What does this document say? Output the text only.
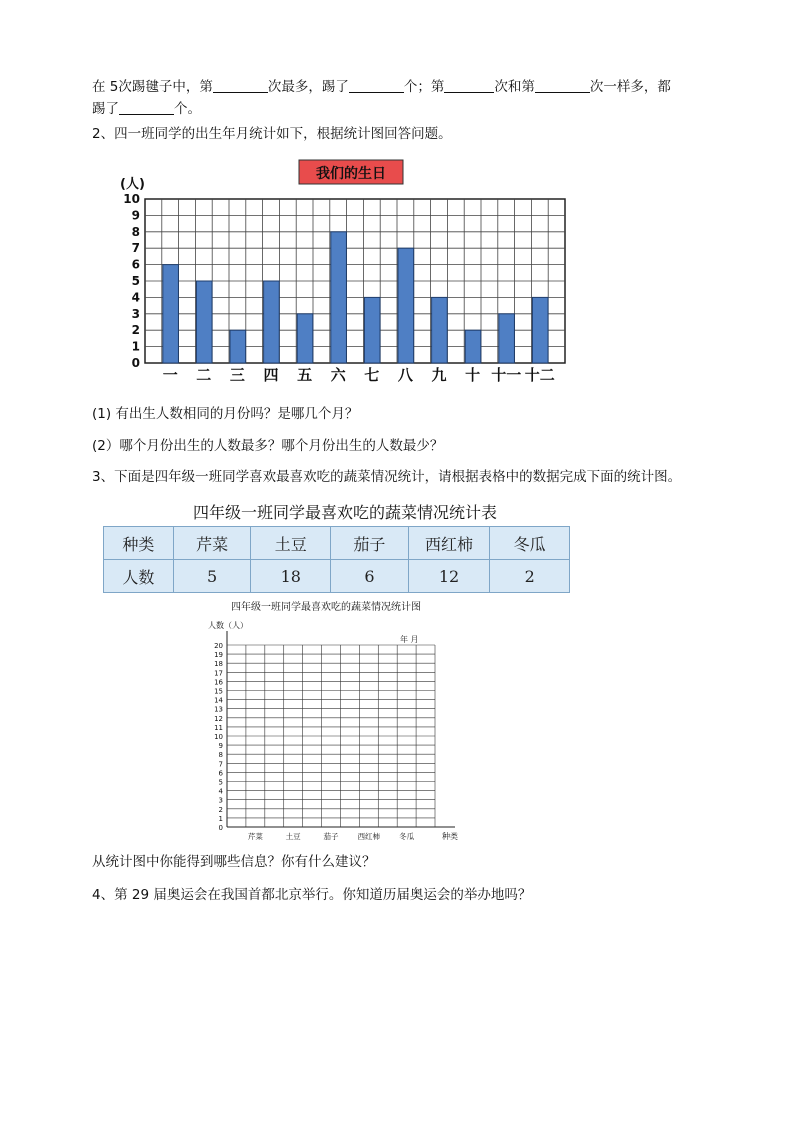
在 5次踢毽子中，第	次最多，踢了	个；第	次和第	次一样多，都
踢了	个。
2、四一班同学的出生年月统计如下，根据统计图回答问题。
我们的生日
(人)
0
1
2
3
4
5
6
7
8
9
10
一 二 三 四 五 六 七 八 九 十 十一 十二
(1) 有出生人数相同的月份吗？是哪几个月？
(2）哪个月份出生的人数最多？哪个月份出生的人数最少？
3、下面是四年级一班同学喜欢最喜欢吃的蔬菜情况统计，请根据表格中的数据完成下面的统计图。
四年级一班同学最喜欢吃的蔬菜情况统计表
种类	芹菜	土豆	茄子	西红柿	冬瓜
人数	5	18	6	12	2
四年级一班同学最喜欢吃的蔬菜情况统计图
人数（人）
年 月
0
1
2
3
4
5
6
7
8
9
10
11
12
13
14
15
16
17
18
19
20
芹菜	土豆	茄子	西红柿	冬瓜	种类
从统计图中你能得到哪些信息？你有什么建议？
4、第 29 届奥运会在我国首都北京举行。你知道历届奥运会的举办地吗？
